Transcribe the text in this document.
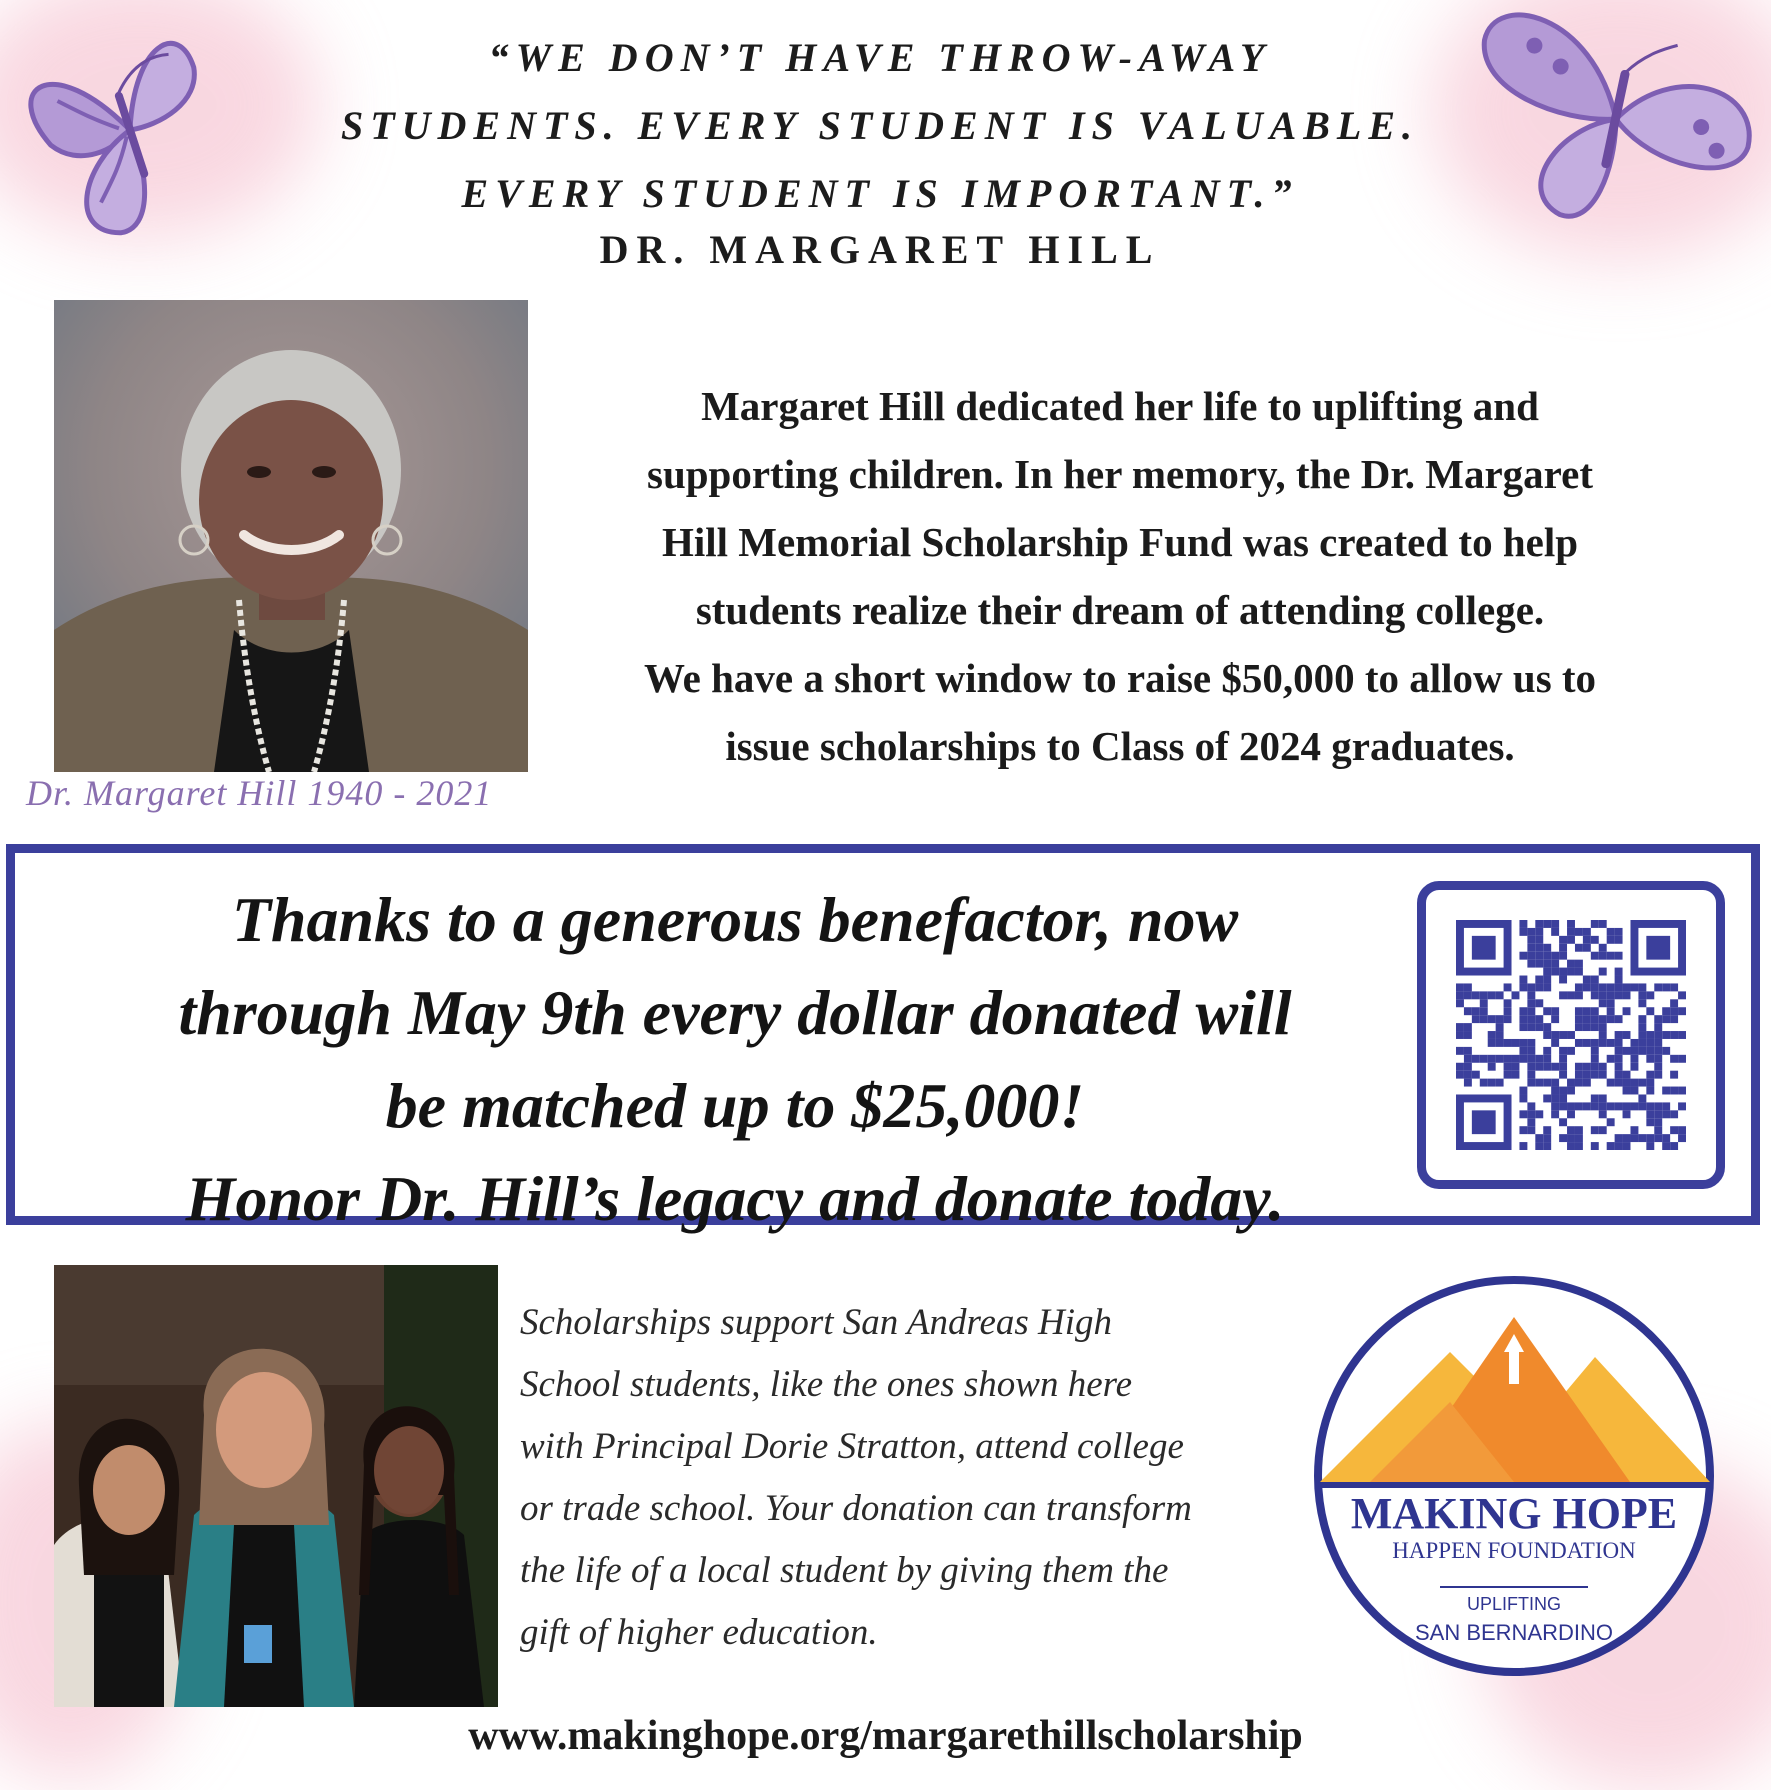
“WE DON’T HAVE THROW-AWAY
STUDENTS. EVERY STUDENT IS VALUABLE.
EVERY STUDENT IS IMPORTANT.”
DR. MARGARET HILL
Dr. Margaret Hill 1940 - 2021
Margaret Hill dedicated her life to uplifting and
supporting children. In her memory, the Dr. Margaret
Hill Memorial Scholarship Fund was created to help
students realize their dream of attending college.
We have a short window to raise $50,000 to allow us to
issue scholarships to Class of 2024 graduates.
Thanks to a generous benefactor, now
through May 9th every dollar donated will
be matched up to $25,000!
Honor Dr. Hill’s legacy and donate today.
Scholarships support San Andreas High
School students, like the ones shown here
with Principal Dorie Stratton, attend college
or trade school. Your donation can transform
the life of a local student by giving them the
gift of higher education.
MAKING HOPE
HAPPEN FOUNDATION
UPLIFTING
SAN BERNARDINO
www.makinghope.org/margarethillscholarship
